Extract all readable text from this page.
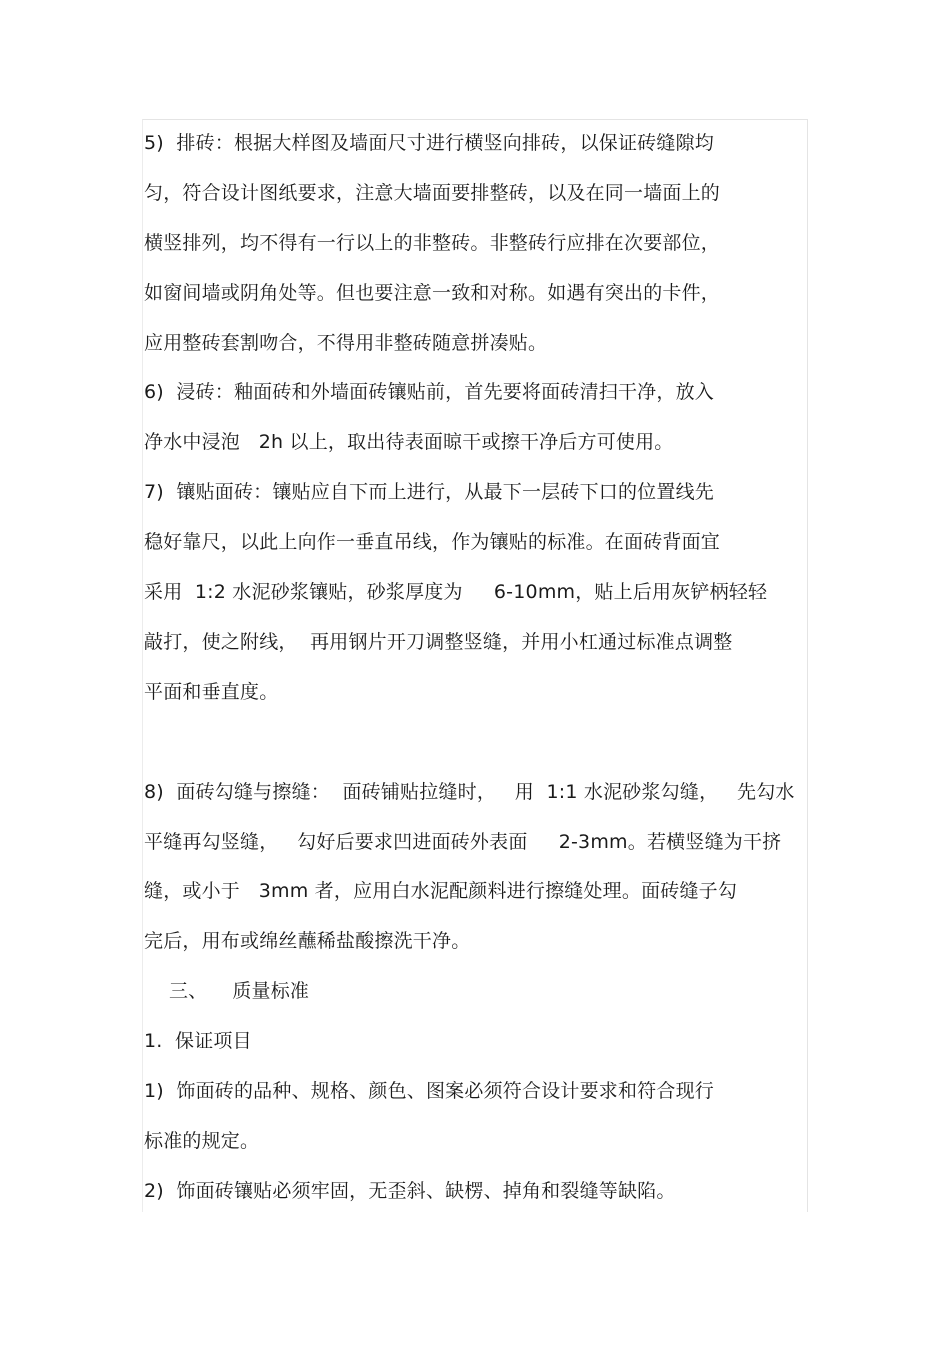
5)  排砖：根据大样图及墙面尺寸进行横竖向排砖，以保证砖缝隙均
匀，符合设计图纸要求，注意大墙面要排整砖，以及在同一墙面上的
横竖排列，均不得有一行以上的非整砖。非整砖行应排在次要部位，
如窗间墙或阴角处等。但也要注意一致和对称。如遇有突出的卡件，
应用整砖套割吻合，不得用非整砖随意拼凑贴。
6)  浸砖：釉面砖和外墙面砖镶贴前，首先要将面砖清扫干净，放入
净水中浸泡   2h 以上，取出待表面晾干或擦干净后方可使用。
7)  镶贴面砖：镶贴应自下而上进行，从最下一层砖下口的位置线先
稳好靠尺，以此上向作一垂直吊线，作为镶贴的标准。在面砖背面宜
采用  1:2 水泥砂浆镶贴，砂浆厚度为     6-10mm，贴上后用灰铲柄轻轻
敲打，使之附线，  再用钢片开刀调整竖缝，并用小杠通过标准点调整
平面和垂直度。
8)  面砖勾缝与擦缝：  面砖铺贴拉缝时，   用  1:1 水泥砂浆勾缝，   先勾水
平缝再勾竖缝，   勾好后要求凹进面砖外表面     2-3mm。若横竖缝为干挤
缝，或小于   3mm 者，应用白水泥配颜料进行擦缝处理。面砖缝子勾
完后，用布或绵丝蘸稀盐酸擦洗干净。
三、    质量标准
1.  保证项目
1)  饰面砖的品种、规格、颜色、图案必须符合设计要求和符合现行
标准的规定。
2)  饰面砖镶贴必须牢固，无歪斜、缺楞、掉角和裂缝等缺陷。
